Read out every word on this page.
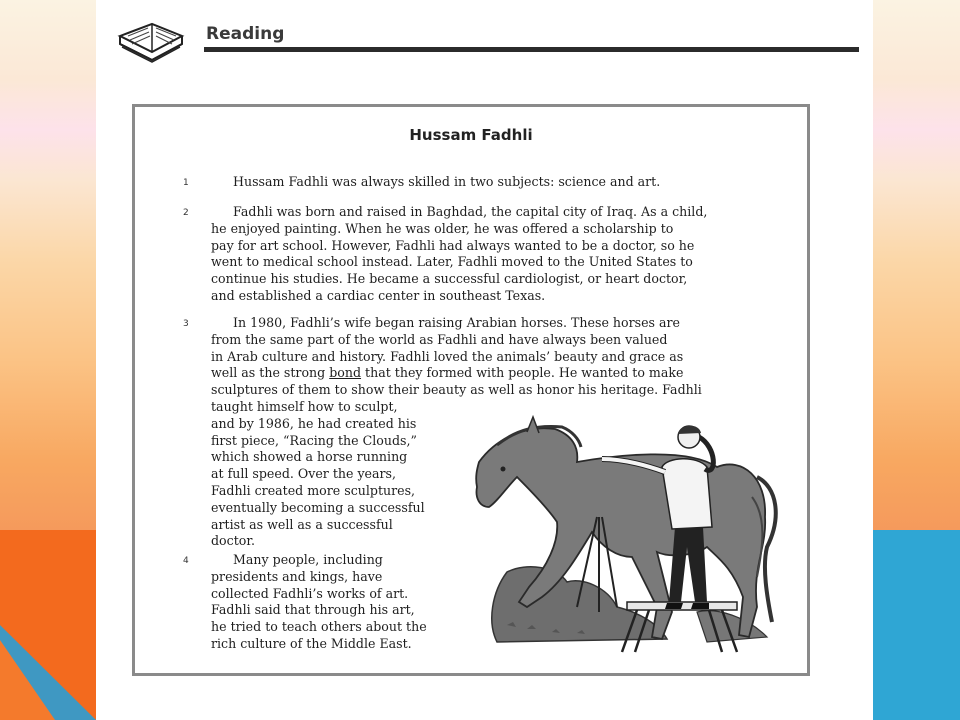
Reading
Hussam Fadhli
1	Hussam Fadhli was always skilled in two subjects: science and art.
2	Fadhli was born and raised in Baghdad, the capital city of Iraq. As a child,
he enjoyed painting. When he was older, he was offered a scholarship to
pay for art school. However, Fadhli had always wanted to be a doctor, so he
went to medical school instead. Later, Fadhli moved to the United States to
continue his studies. He became a successful cardiologist, or heart doctor,
and established a cardiac center in southeast Texas.
3	In 1980, Fadhli’s wife began raising Arabian horses. These horses are
from the same part of the world as Fadhli and have always been valued
in Arab culture and history. Fadhli loved the animals’ beauty and grace as
well as the strong bond that they formed with people. He wanted to make
sculptures of them to show their beauty as well as honor his heritage. Fadhli
taught himself how to sculpt,
and by 1986, he had created his
first piece, “Racing the Clouds,”
which showed a horse running
at full speed. Over the years,
Fadhli created more sculptures,
eventually becoming a successful
artist as well as a successful
doctor.
4	Many people, including
presidents and kings, have
collected Fadhli’s works of art.
Fadhli said that through his art,
he tried to teach others about the
rich culture of the Middle East.
